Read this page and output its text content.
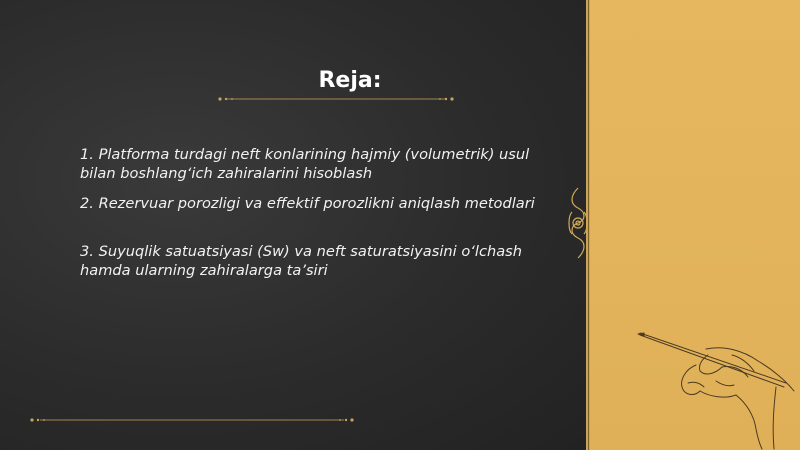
Reja:
1. Platforma turdagi neft konlarining hajmiy (volumetrik) usul
bilan boshlang‘ich zahiralarini hisoblash
2. Rezervuar porozligi va effektif porozlikni aniqlash metodlari
3. Suyuqlik satuatsiyasi (Sw) va neft saturatsiyasini o‘lchash
hamda ularning zahiralarga ta’siri
